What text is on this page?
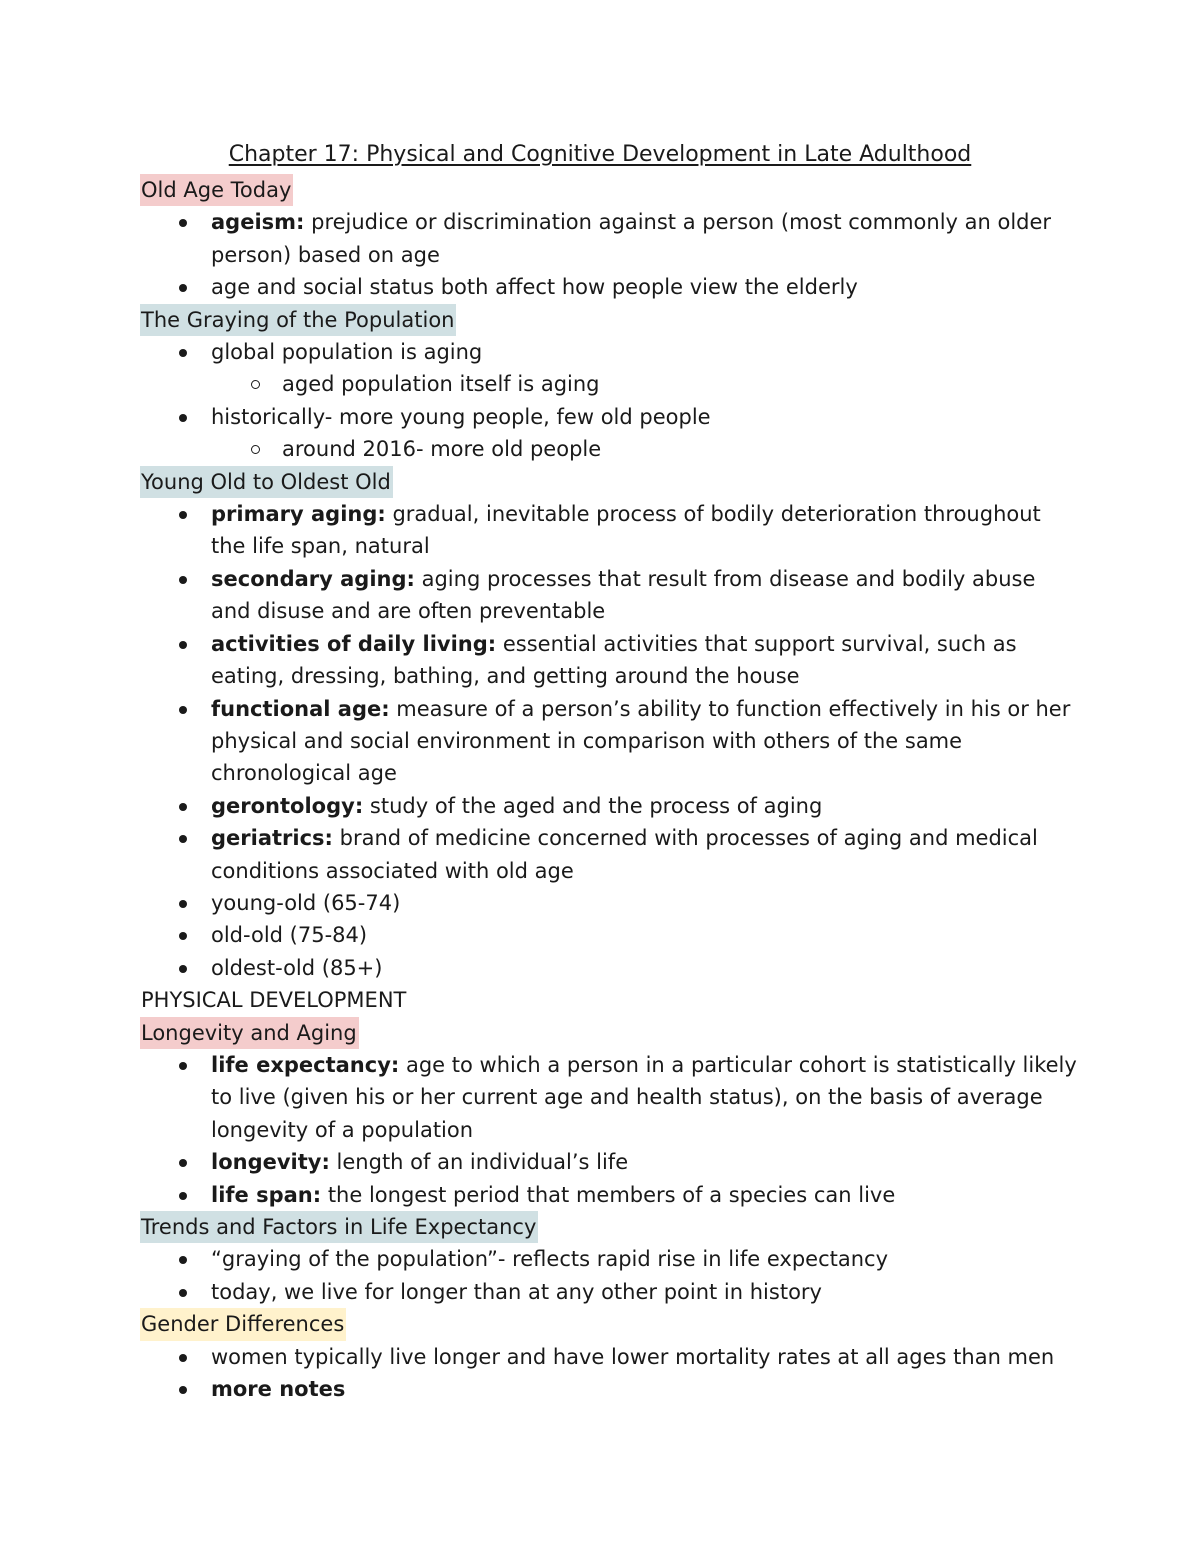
Chapter 17: Physical and Cognitive Development in Late Adulthood
Old Age Today
ageism: prejudice or discrimination against a person (most commonly an older
person) based on age
age and social status both affect how people view the elderly
The Graying of the Population
global population is aging
aged population itself is aging
historically- more young people, few old people
around 2016- more old people
Young Old to Oldest Old
primary aging: gradual, inevitable process of bodily deterioration throughout
the life span, natural
secondary aging: aging processes that result from disease and bodily abuse
and disuse and are often preventable
activities of daily living: essential activities that support survival, such as
eating, dressing, bathing, and getting around the house
functional age: measure of a person’s ability to function effectively in his or her
physical and social environment in comparison with others of the same
chronological age
gerontology: study of the aged and the process of aging
geriatrics: brand of medicine concerned with processes of aging and medical
conditions associated with old age
young-old (65-74)
old-old (75-84)
oldest-old (85+)
PHYSICAL DEVELOPMENT
Longevity and Aging
life expectancy: age to which a person in a particular cohort is statistically likely
to live (given his or her current age and health status), on the basis of average
longevity of a population
longevity: length of an individual’s life
life span: the longest period that members of a species can live
Trends and Factors in Life Expectancy
“graying of the population”- reflects rapid rise in life expectancy
today, we live for longer than at any other point in history
Gender Differences
women typically live longer and have lower mortality rates at all ages than men
more notes
